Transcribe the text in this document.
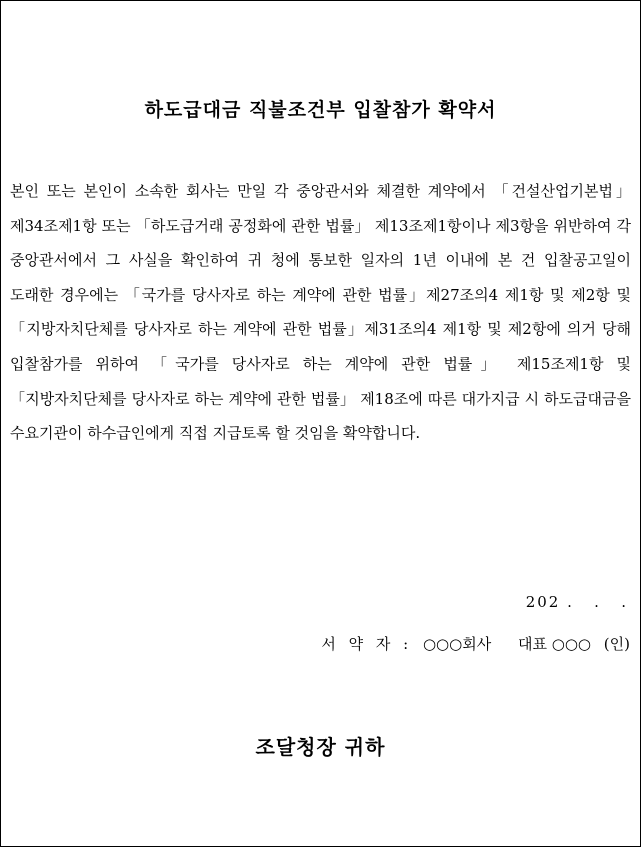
하도급대금 직불조건부 입찰참가 확약서
본인 또는 본인이 소속한 회사는 만일 각 중앙관서와 체결한 계약에서 「건설산업기본법」제34조제1항 또는 「하도급거래 공정화에 관한 법률」 제13조제1항이나 제3항을 위반하여 각 중앙관서에서 그 사실을 확인하여 귀 청에 통보한 일자의 1년 이내에 본 건 입찰공고일이 도래한 경우에는 「국가를 당사자로 하는 계약에 관한 법률」제27조의4 제1항 및 제2항 및 「지방자치단체를 당사자로 하는 계약에 관한 법률」제31조의4 제1항 및 제2항에 의거 당해 입찰참가를 위하여 「국가를 당사자로 하는 계약에 관한 법률」 제15조제1항 및 「지방자치단체를 당사자로 하는 계약에 관한 법률」 제18조에 따른 대가지급 시 하도급대금을 수요기관이 하수급인에게 직접 지급토록 할 것임을 확약합니다.
202 .   .   .
서 약 자 : ○○○회사 대표 ○○○ (인)
조달청장 귀하
